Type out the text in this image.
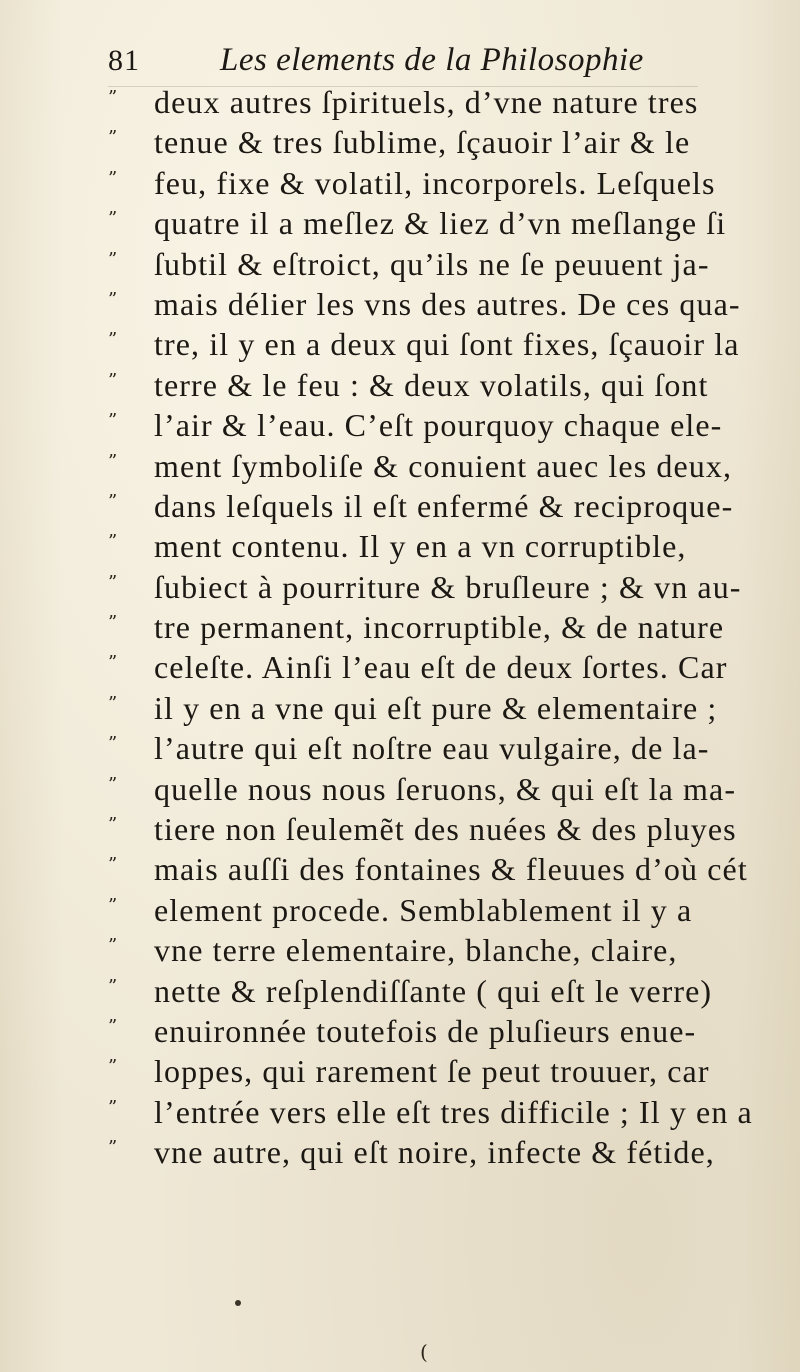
81 Les elements de la Philosophie
” deux autres ſpirituels, d’vne nature tres
” tenue & tres ſublime, ſçauoir l’air & le
” feu, fixe & volatil, incorporels. Leſquels
” quatre il a meſlez & liez d’vn meſlange ſi
” ſubtil & eſtroict, qu’ils ne ſe peuuent ja-
” mais délier les vns des autres. De ces qua-
” tre, il y en a deux qui ſont fixes, ſçauoir la
” terre & le feu : & deux volatils, qui ſont
” l’air & l’eau. C’eſt pourquoy chaque ele-
” ment ſymboliſe & conuient auec les deux,
” dans leſquels il eſt enfermé & reciproque-
” ment contenu. Il y en a vn corruptible,
” ſubiect à pourriture & bruſleure ; & vn au-
” tre permanent, incorruptible, & de nature
” celeſte. Ainſi l’eau eſt de deux ſortes. Car
” il y en a vne qui eſt pure & elementaire ;
” l’autre qui eſt noſtre eau vulgaire, de la-
” quelle nous nous ſeruons, & qui eſt la ma-
” tiere non ſeulemẽt des nuées & des pluyes
” mais auſſi des fontaines & fleuues d’où cét
” element procede. Semblablement il y a
” vne terre elementaire, blanche, claire,
” nette & reſplendiſſante ( qui eſt le verre)
” enuironnée toutefois de pluſieurs enue-
” loppes, qui rarement ſe peut trouuer, car
” l’entrée vers elle eſt tres difficile ; Il y en a
” vne autre, qui eſt noire, infecte & fétide,
(
